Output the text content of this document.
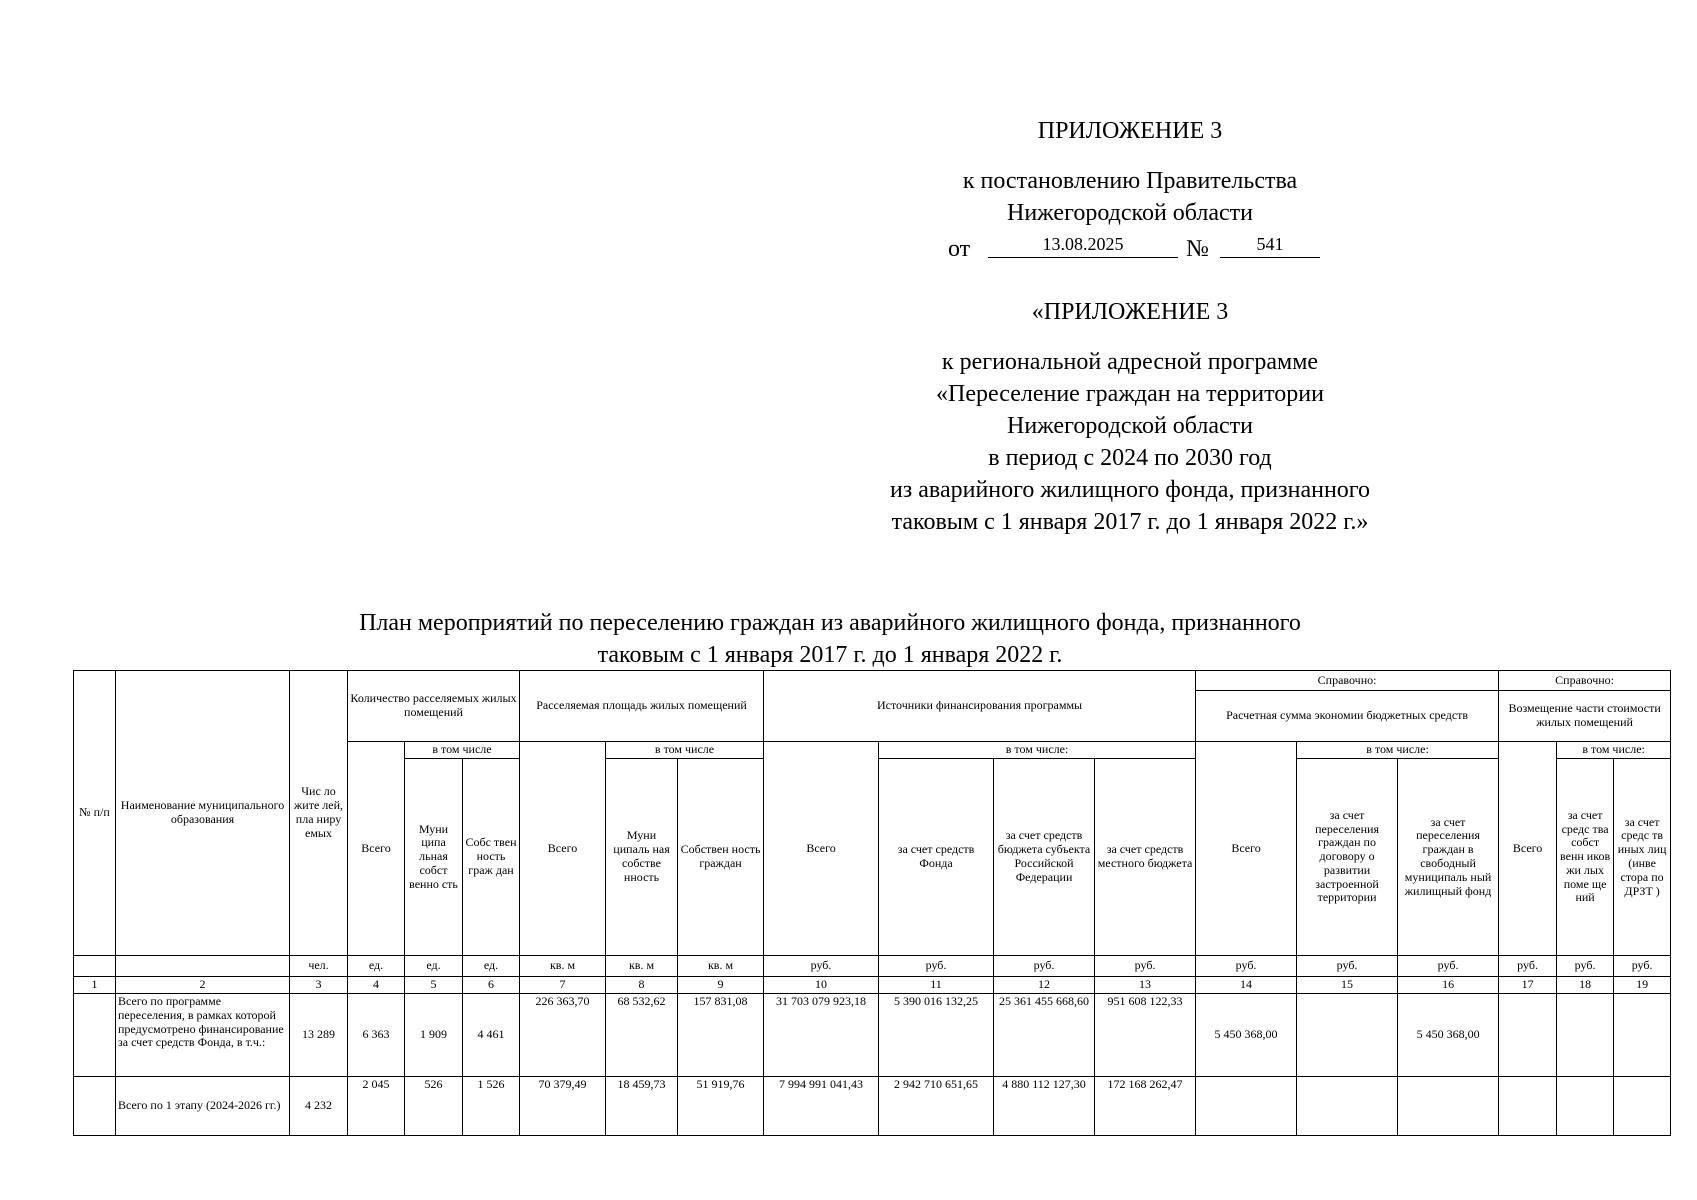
ПРИЛОЖЕНИЕ 3
к постановлению Правительства
Нижегородской области
от	13.08.2025	№	541
«ПРИЛОЖЕНИЕ 3
к региональной адресной программе
«Переселение граждан на территории
Нижегородской области
в период с 2024 по 2030 год
из аварийного жилищного фонда, признанного
таковым с 1 января 2017 г. до 1 января 2022 г.»
План мероприятий по переселению граждан из аварийного жилищного фонда, признанного
таковым с 1 января 2017 г. до 1 января 2022 г.
№ п/п	Наименование муниципального образования	Чис ло жите лей, пла ниру емых	Количество расселяемых жилых помещений			Расселяемая площадь жилых помещений			Источники финансирования программы				Справочно:			Справочно:		
													Расчетная сумма экономии бюджетных средств			Возмещение части стоимости жилых помещений		
			Всего	в том числе		Всего	в том числе		Всего	в том числе:			Всего	в том числе:		Всего	в том числе:	
				Муни ципа льная собст венно сть	Собс твен ность граж дан		Муни ципаль ная собстве нность	Собствен ность граждан		за счет средств Фонда	за счет средств бюджета субъекта Российской Федерации	за счет средств местного бюджета		за счет переселения граждан по договору о развитии застроенной территории	за счет переселения граждан в свободный муниципаль ный жилищный фонд		за счет средс тва собст венн иков жи лых поме ще ний	за счет средс тв иных лиц (инве стора по ДРЗТ )
		чел.	ед.	ед.	ед.	кв. м	кв. м	кв. м	руб.	руб.	руб.	руб.	руб.	руб.	руб.	руб.	руб.	руб.
1	2	3	4	5	6	7	8	9	10	11	12	13	14	15	16	17	18	19
	Всего по программе переселения, в рамках которой предусмотрено финансирование за счет средств Фонда, в т.ч.:	13 289	6 363	1 909	4 461	226 363,70	68 532,62	157 831,08	31 703 079 923,18	5 390 016 132,25	25 361 455 668,60	951 608 122,33	5 450 368,00		5 450 368,00			
	Всего по 1 этапу (2024-2026 гг.)	4 232	2 045	526	1 526	70 379,49	18 459,73	51 919,76	7 994 991 041,43	2 942 710 651,65	4 880 112 127,30	172 168 262,47						
